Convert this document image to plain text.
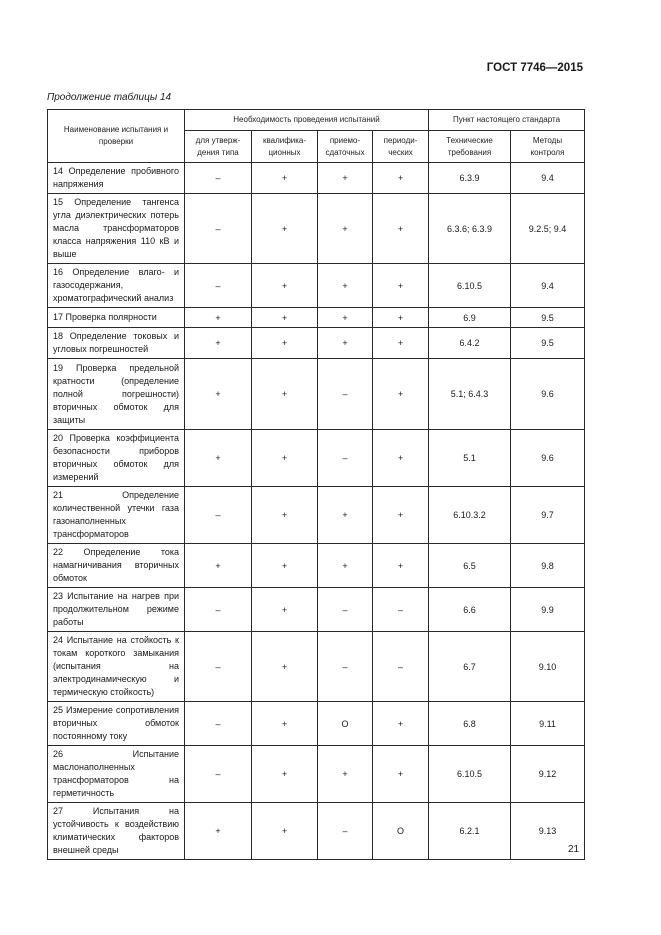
ГОСТ 7746—2015
Продолжение таблицы 14
Наименование испытания и проверки	Необходимость проведения испытаний				Пункт настоящего стандарта	
	для утверж- дения типа	квалифика- ционных	приемо- сдаточных	периоди- ческих	Технические требования	Методы контроля
14 Определение пробивного напряжения	–	+	+	+	6.3.9	9.4
15 Определение тангенса угла диэлектрических потерь масла трансформаторов класса напряжения 110 кВ и выше	–	+	+	+	6.3.6; 6.3.9	9.2.5; 9.4
16 Определение влаго- и газосодержания, хроматографический анализ	–	+	+	+	6.10.5	9.4
17 Проверка полярности	+	+	+	+	6.9	9.5
18 Определение токовых и угловых погрешностей	+	+	+	+	6.4.2	9.5
19 Проверка предельной кратности (определение полной погрешности) вторичных обмоток для защиты	+	+	–	+	5.1; 6.4.3	9.6
20 Проверка коэффициента безопасности приборов вторичных обмоток для измерений	+	+	–	+	5.1	9.6
21 Определение количественной утечки газа газонаполненных трансформаторов	–	+	+	+	6.10.3.2	9.7
22 Определение тока намагничивания вторичных обмоток	+	+	+	+	6.5	9.8
23 Испытание на нагрев при продолжительном режиме работы	–	+	–	–	6.6	9.9
24 Испытание на стойкость к токам короткого замыкания (испытания на электродинамическую и термическую стойкость)	–	+	–	–	6.7	9.10
25 Измерение сопротивления вторичных обмоток постоянному току	–	+	О	+	6.8	9.11
26 Испытание маслонаполненных трансформаторов на герметичность	–	+	+	+	6.10.5	9.12
27 Испытания на устойчивость к воздействию климатических факторов внешней среды	+	+	–	О	6.2.1	9.13
21
